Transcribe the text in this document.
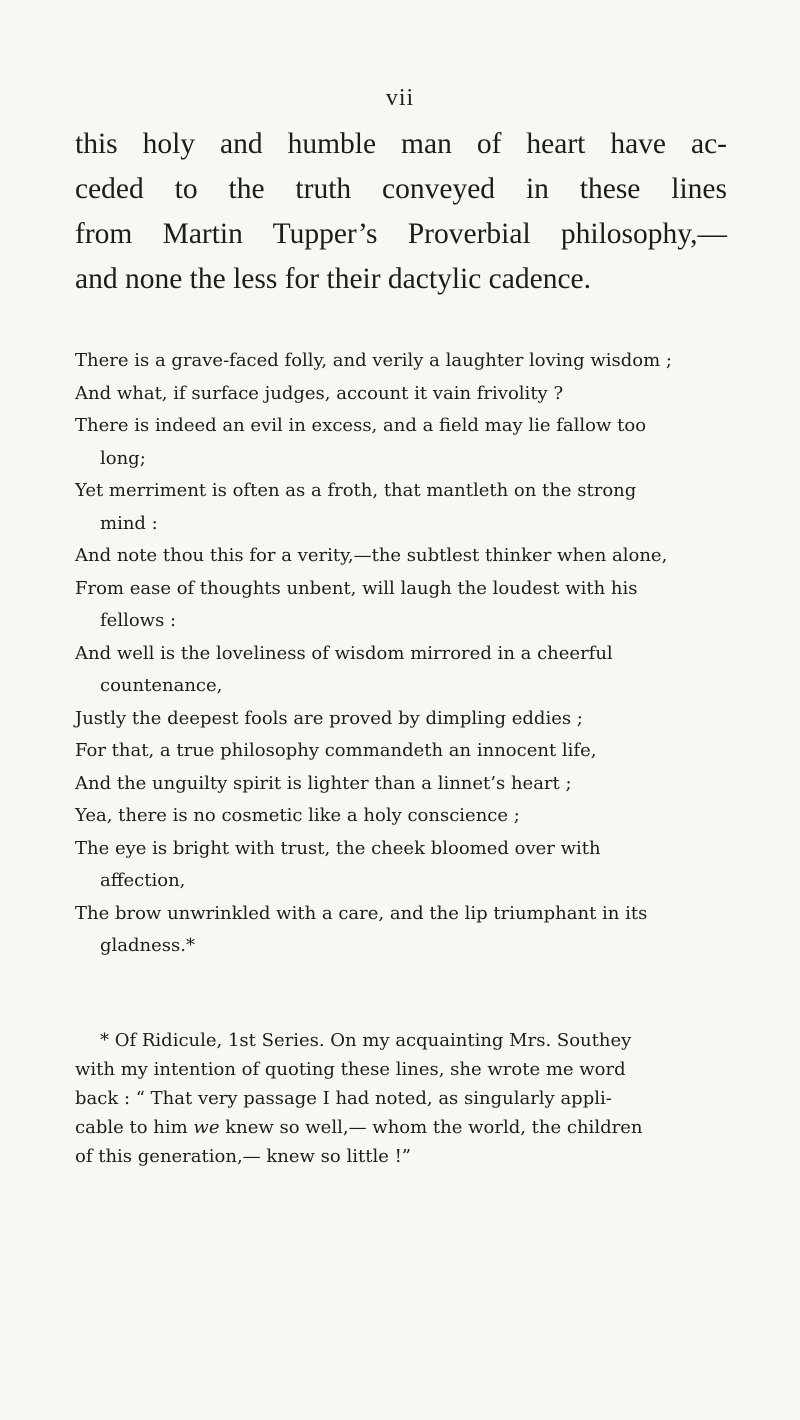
vii

this holy and humble man of heart have ac-
ceded to the truth conveyed in these lines
from Martin Tupper’s Proverbial philosophy,—
and none the less for their dactylic cadence.

There is a grave-faced folly, and verily a laughter loving wisdom ;
And what, if surface judges, account it vain frivolity ?
There is indeed an evil in excess, and a field may lie fallow too
long;
Yet merriment is often as a froth, that mantleth on the strong
mind :
And note thou this for a verity,—the subtlest thinker when alone,
From ease of thoughts unbent, will laugh the loudest with his
fellows :
And well is the loveliness of wisdom mirrored in a cheerful
countenance,
Justly the deepest fools are proved by dimpling eddies ;
For that, a true philosophy commandeth an innocent life,
And the unguilty spirit is lighter than a linnet’s heart ;
Yea, there is no cosmetic like a holy conscience ;
The eye is bright with trust, the cheek bloomed over with
affection,
The brow unwrinkled with a care, and the lip triumphant in its
gladness.*
* Of Ridicule, 1st Series. On my acquainting Mrs. Southey
with my intention of quoting these lines, she wrote me word
back : “ That very passage I had noted, as singularly appli-
cable to him we knew so well,— whom the world, the children
of this generation,— knew so little !”
